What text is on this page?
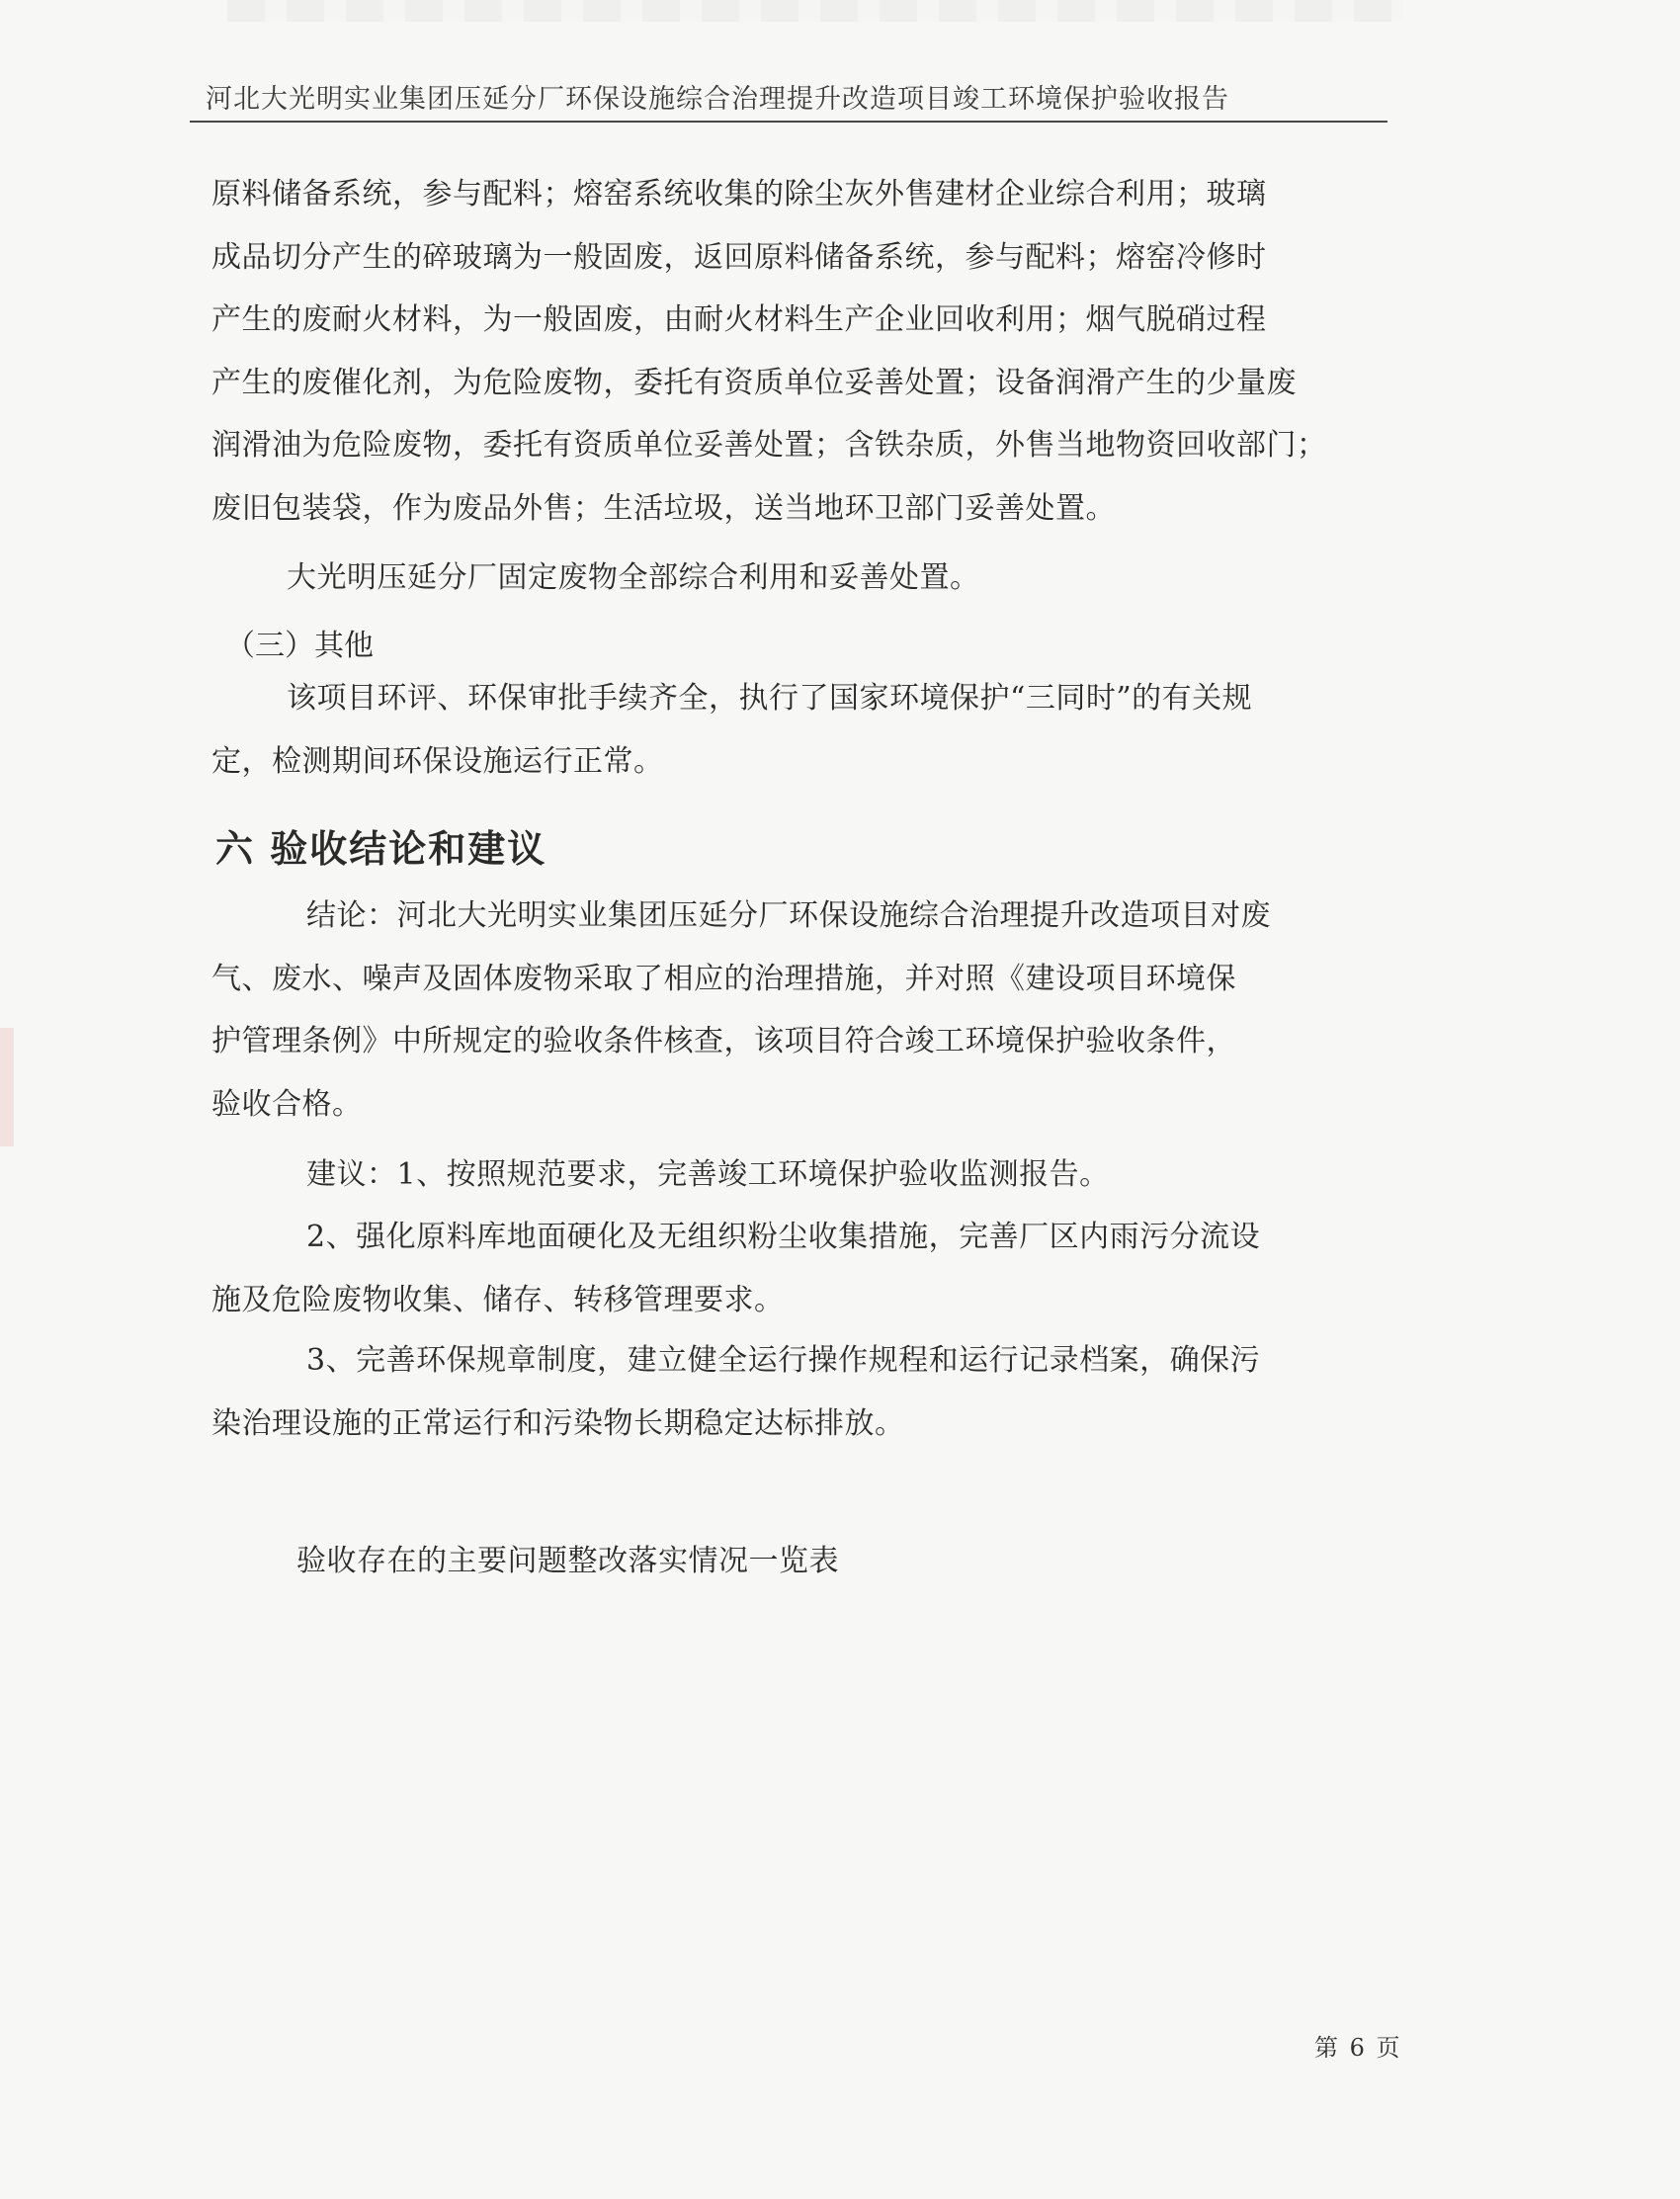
河北大光明实业集团压延分厂环保设施综合治理提升改造项目竣工环境保护验收报告
原料储备系统，参与配料；熔窑系统收集的除尘灰外售建材企业综合利用；玻璃
成品切分产生的碎玻璃为一般固废，返回原料储备系统，参与配料；熔窑冷修时
产生的废耐火材料，为一般固废，由耐火材料生产企业回收利用；烟气脱硝过程
产生的废催化剂，为危险废物，委托有资质单位妥善处置；设备润滑产生的少量废
润滑油为危险废物，委托有资质单位妥善处置；含铁杂质，外售当地物资回收部门；
废旧包装袋，作为废品外售；生活垃圾，送当地环卫部门妥善处置。
大光明压延分厂固定废物全部综合利用和妥善处置。
（三）其他
该项目环评、环保审批手续齐全，执行了国家环境保护“三同时”的有关规
定，检测期间环保设施运行正常。
六 验收结论和建议
结论：河北大光明实业集团压延分厂环保设施综合治理提升改造项目对废
气、废水、噪声及固体废物采取了相应的治理措施，并对照《建设项目环境保
护管理条例》中所规定的验收条件核查，该项目符合竣工环境保护验收条件，
验收合格。
建议：1、按照规范要求，完善竣工环境保护验收监测报告。
2、强化原料库地面硬化及无组织粉尘收集措施，完善厂区内雨污分流设
施及危险废物收集、储存、转移管理要求。
3、完善环保规章制度，建立健全运行操作规程和运行记录档案，确保污
染治理设施的正常运行和污染物长期稳定达标排放。
验收存在的主要问题整改落实情况一览表
第 6 页
